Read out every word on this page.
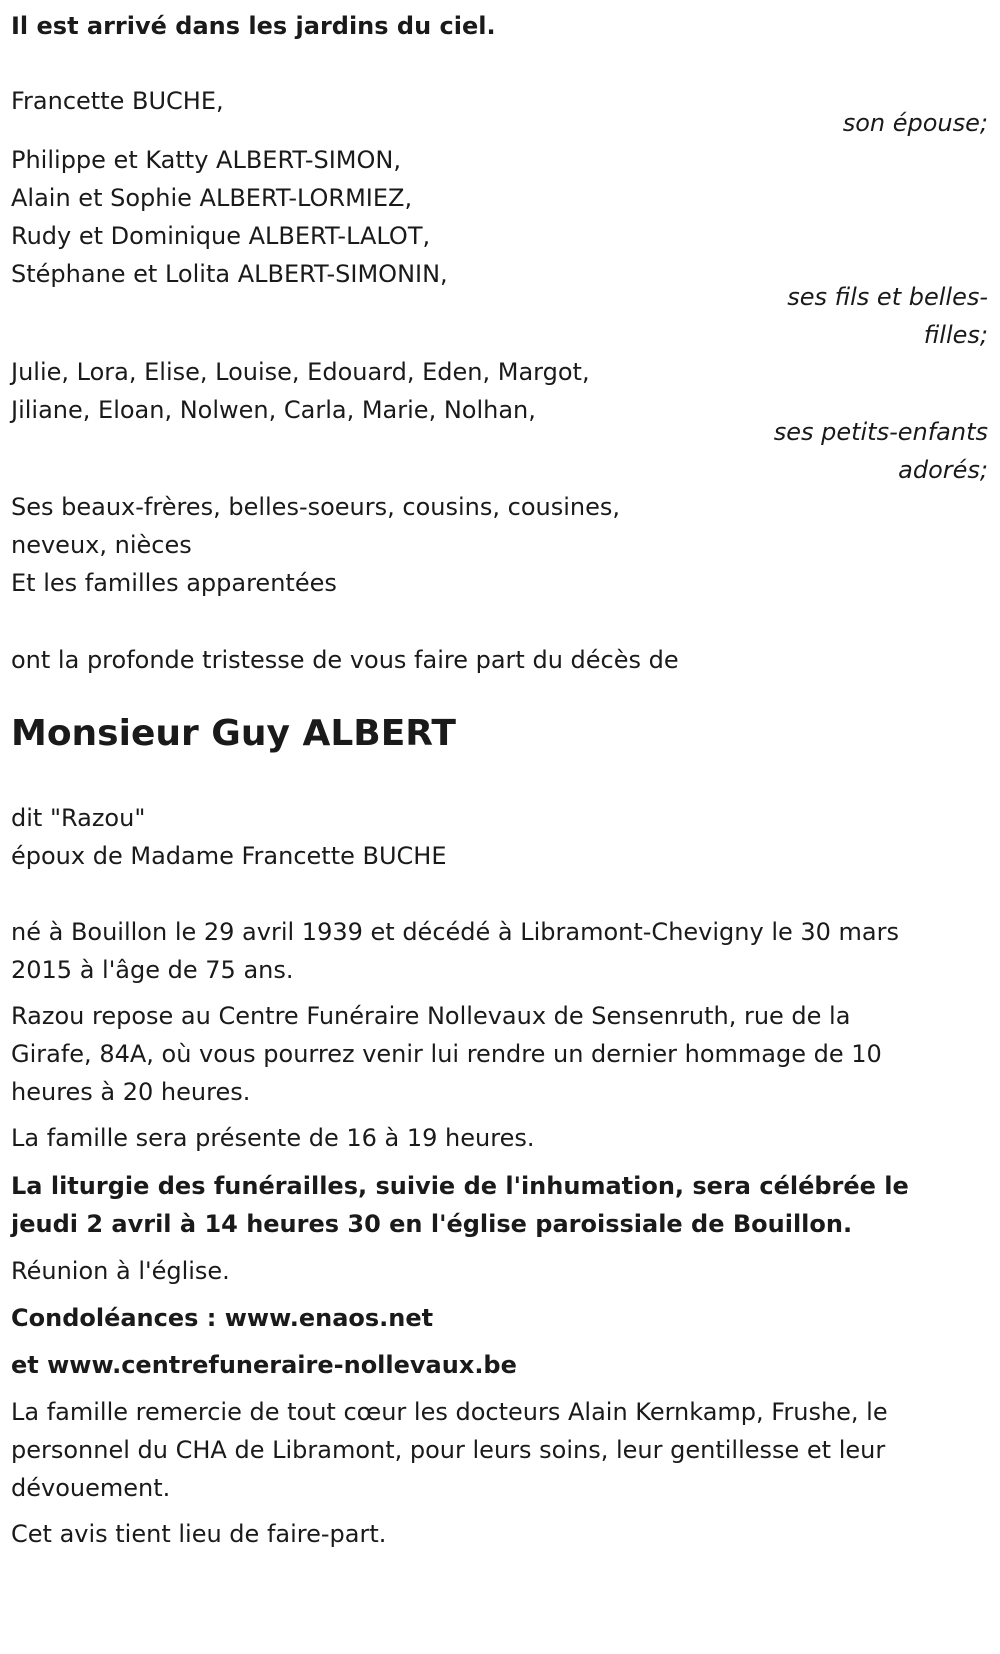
Il est arrivé dans les jardins du ciel.

Francette BUCHE,

son épouse;

Philippe et Katty ALBERT-SIMON,

Alain et Sophie ALBERT-LORMIEZ,

Rudy et Dominique ALBERT-LALOT,

Stéphane et Lolita ALBERT-SIMONIN,

ses fils et belles-

filles;

Julie, Lora, Elise, Louise, Edouard, Eden, Margot,

Jiliane, Eloan, Nolwen, Carla, Marie, Nolhan,

ses petits-enfants

adorés;

Ses beaux-frères, belles-soeurs, cousins, cousines,

neveux, nièces

Et les familles apparentées

ont la profonde tristesse de vous faire part du décès de

Monsieur Guy ALBERT

dit "Razou"

époux de Madame Francette BUCHE

né à Bouillon le 29 avril 1939 et décédé à Libramont-Chevigny le 30 mars

2015 à l'âge de 75 ans.

Razou repose au Centre Funéraire Nollevaux de Sensenruth, rue de la

Girafe, 84A, où vous pourrez venir lui rendre un dernier hommage de 10

heures à 20 heures.

La famille sera présente de 16 à 19 heures.

La liturgie des funérailles, suivie de l'inhumation, sera célébrée le

jeudi 2 avril à 14 heures 30 en l'église paroissiale de Bouillon.

Réunion à l'église.

Condoléances : www.enaos.net

et www.centrefuneraire-nollevaux.be

La famille remercie de tout cœur les docteurs Alain Kernkamp, Frushe, le

personnel du CHA de Libramont, pour leurs soins, leur gentillesse et leur

dévouement.

Cet avis tient lieu de faire-part.
